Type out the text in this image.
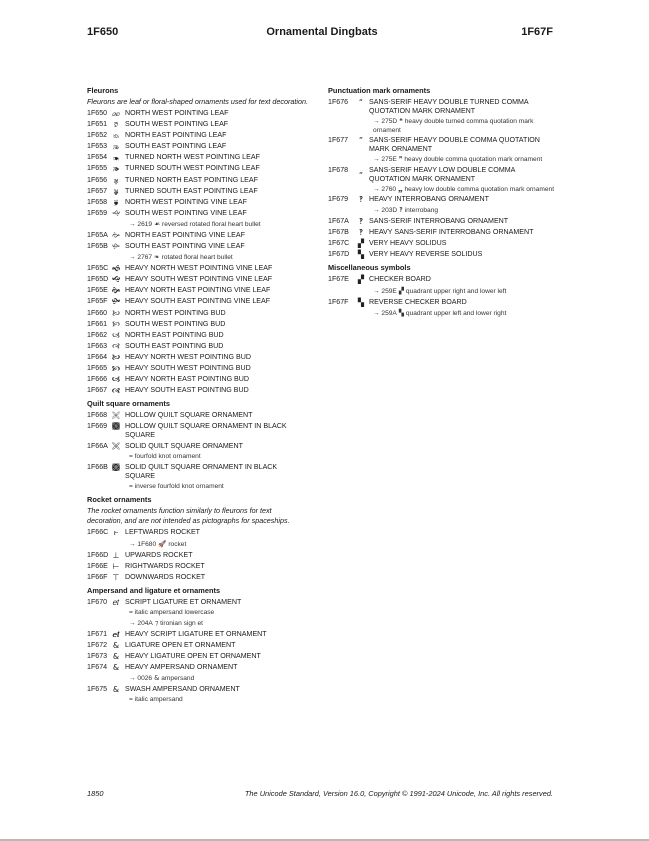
1F650	Ornamental Dingbats	1F67F
Fleurons
Fleurons are leaf or floral-shaped ornaments used for text decoration.
1F650 🙐 NORTH WEST POINTING LEAF
1F651 🙑 SOUTH WEST POINTING LEAF
1F652 🙒 NORTH EAST POINTING LEAF
1F653 🙓 SOUTH EAST POINTING LEAF
1F654 🙔 TURNED NORTH WEST POINTING LEAF
1F655 🙕 TURNED SOUTH WEST POINTING LEAF
1F656 🙖 TURNED NORTH EAST POINTING LEAF
1F657 🙗 TURNED SOUTH EAST POINTING LEAF
1F658 🙘 NORTH WEST POINTING VINE LEAF
1F659 🙙 SOUTH WEST POINTING VINE LEAF
→ 2619 ☙ reversed rotated floral heart bullet
1F65A 🙚 NORTH EAST POINTING VINE LEAF
1F65B 🙛 SOUTH EAST POINTING VINE LEAF
→ 2767 ❧ rotated floral heart bullet
1F65C 🙜 HEAVY NORTH WEST POINTING VINE LEAF
1F65D 🙝 HEAVY SOUTH WEST POINTING VINE LEAF
1F65E 🙞 HEAVY NORTH EAST POINTING VINE LEAF
1F65F 🙟 HEAVY SOUTH EAST POINTING VINE LEAF
1F660 🙠 NORTH WEST POINTING BUD
1F661 🙡 SOUTH WEST POINTING BUD
1F662 🙢 NORTH EAST POINTING BUD
1F663 🙣 SOUTH EAST POINTING BUD
1F664 🙤 HEAVY NORTH WEST POINTING BUD
1F665 🙥 HEAVY SOUTH WEST POINTING BUD
1F666 🙦 HEAVY NORTH EAST POINTING BUD
1F667 🙧 HEAVY SOUTH EAST POINTING BUD
Quilt square ornaments
1F668 🙨 HOLLOW QUILT SQUARE ORNAMENT
1F669 🙩 HOLLOW QUILT SQUARE ORNAMENT IN BLACK SQUARE
1F66A 🙪 SOLID QUILT SQUARE ORNAMENT
= fourfold knot ornament
1F66B 🙫 SOLID QUILT SQUARE ORNAMENT IN BLACK SQUARE
= inverse fourfold knot ornament
Rocket ornaments
The rocket ornaments function similarly to fleurons for text decoration, and are not intended as pictographs for spaceships.
1F66C ⥼ LEFTWARDS ROCKET
→ 1F680 🚀 rocket
1F66D ⊥ UPWARDS ROCKET
1F66E ⊢ RIGHTWARDS ROCKET
1F66F ⊤ DOWNWARDS ROCKET
Ampersand and ligature et ornaments
1F670 𝑒𝑡 SCRIPT LIGATURE ET ORNAMENT
= italic ampersand lowercase
→ 204A ⁊ tironian sign et
1F671 𝒆𝒕 HEAVY SCRIPT LIGATURE ET ORNAMENT
1F672 & LIGATURE OPEN ET ORNAMENT
1F673 & HEAVY LIGATURE OPEN ET ORNAMENT
1F674 & HEAVY AMPERSAND ORNAMENT
→ 0026 & ampersand
1F675 & SWASH AMPERSAND ORNAMENT
= italic ampersand
Punctuation mark ornaments
1F676	“ SANS-SERIF HEAVY DOUBLE TURNED COMMA QUOTATION MARK ORNAMENT
→ 275D ❝ heavy double turned comma quotation mark ornament
1F677	” SANS-SERIF HEAVY DOUBLE COMMA QUOTATION MARK ORNAMENT
→ 275E ❞ heavy double comma quotation mark ornament
1F678	„ SANS-SERIF HEAVY LOW DOUBLE COMMA QUOTATION MARK ORNAMENT
→ 2760 ❠ heavy low double comma quotation mark ornament
1F679	‽ HEAVY INTERROBANG ORNAMENT
→ 203D ‽ interrobang
1F67A	‽ SANS-SERIF INTERROBANG ORNAMENT
1F67B	‽ HEAVY SANS-SERIF INTERROBANG ORNAMENT
1F67C	▞ VERY HEAVY SOLIDUS
1F67D	▚ VERY HEAVY REVERSE SOLIDUS
Miscellaneous symbols
1F67E	▞ CHECKER BOARD
→ 259E ▞ quadrant upper right and lower left
1F67F	▚ REVERSE CHECKER BOARD
→ 259A ▚ quadrant upper left and lower right
1850	The Unicode Standard, Version 16.0, Copyright © 1991-2024 Unicode, Inc. All rights reserved.
